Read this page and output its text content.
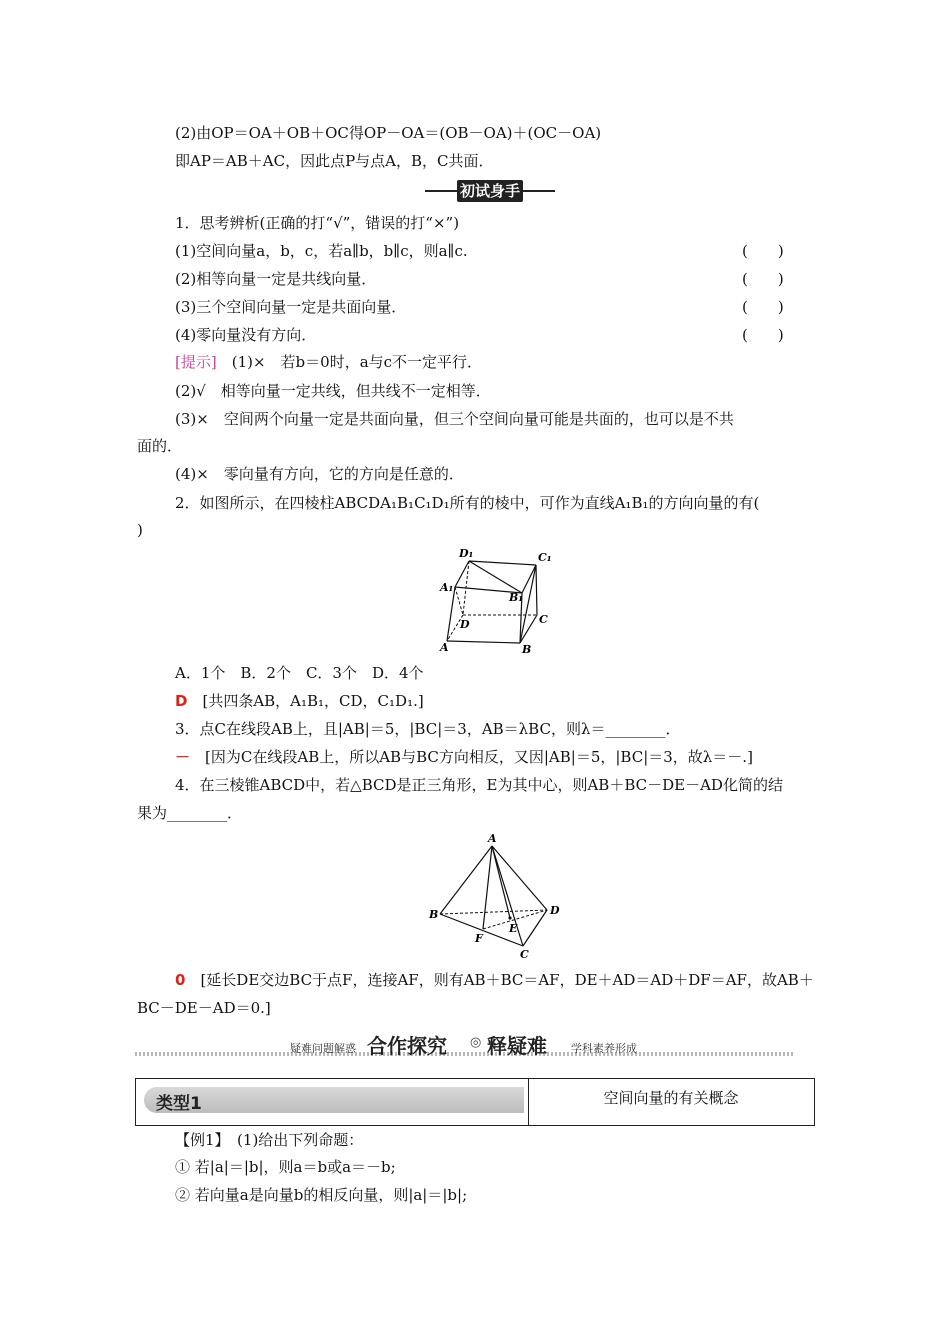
(2)由OP＝OA＋OB＋OC得OP－OA＝(OB－OA)＋(OC－OA)
即AP＝AB＋AC，因此点P与点A，B，C共面．
初试身手
1．思考辨析(正确的打“√”，错误的打“×”)
(1)空间向量a，b，c，若a∥b，b∥c，则a∥c.	(　　)
(2)相等向量一定是共线向量．	(　　)
(3)三个空间向量一定是共面向量．	(　　)
(4)零向量没有方向．	(　　)
[提示]　 (1)×　若b＝0时，a与c不一定平行．
(2)√　相等向量一定共线，但共线不一定相等．
(3)×　空间两个向量一定是共面向量，但三个空间向量可能是共面的，也可以是不共
面的．
(4)×　零向量有方向，它的方向是任意的．
2．如图所示，在四棱柱ABCDA₁B₁C₁D₁所有的棱中，可作为直线A₁B₁的方向向量的有(
)
D₁	C₁
A₁
B₁
D	C
A	B
A．1个　B．2个　C．3个　D．4个
D　 [共四条AB，A₁B₁，CD，C₁D₁.]
3．点C在线段AB上，且|AB|＝5，|BC|＝3，AB＝λBC，则λ＝________．
－　 [因为C在线段AB上，所以AB与BC方向相反，又因|AB|＝5，|BC|＝3，故λ＝－.]
4．在三棱锥ABCD中，若△BCD是正三角形，E为其中心，则AB＋BC－DE－AD化简的结
果为________．
A
B	D
F
E
C
0　 [延长DE交边BC于点F，连接AF，则有AB＋BC＝AF，DE＋AD＝AD＋DF＝AF，故AB＋
BC－DE－AD＝0.]
疑难问题解惑 合作探究 ◎ 释疑难 学科素养形成
类型1	空间向量的有关概念
【例1】　(1)给出下列命题：
① 若|a|＝|b|，则a＝b或a＝－b;
② 若向量a是向量b的相反向量，则|a|＝|b|;
